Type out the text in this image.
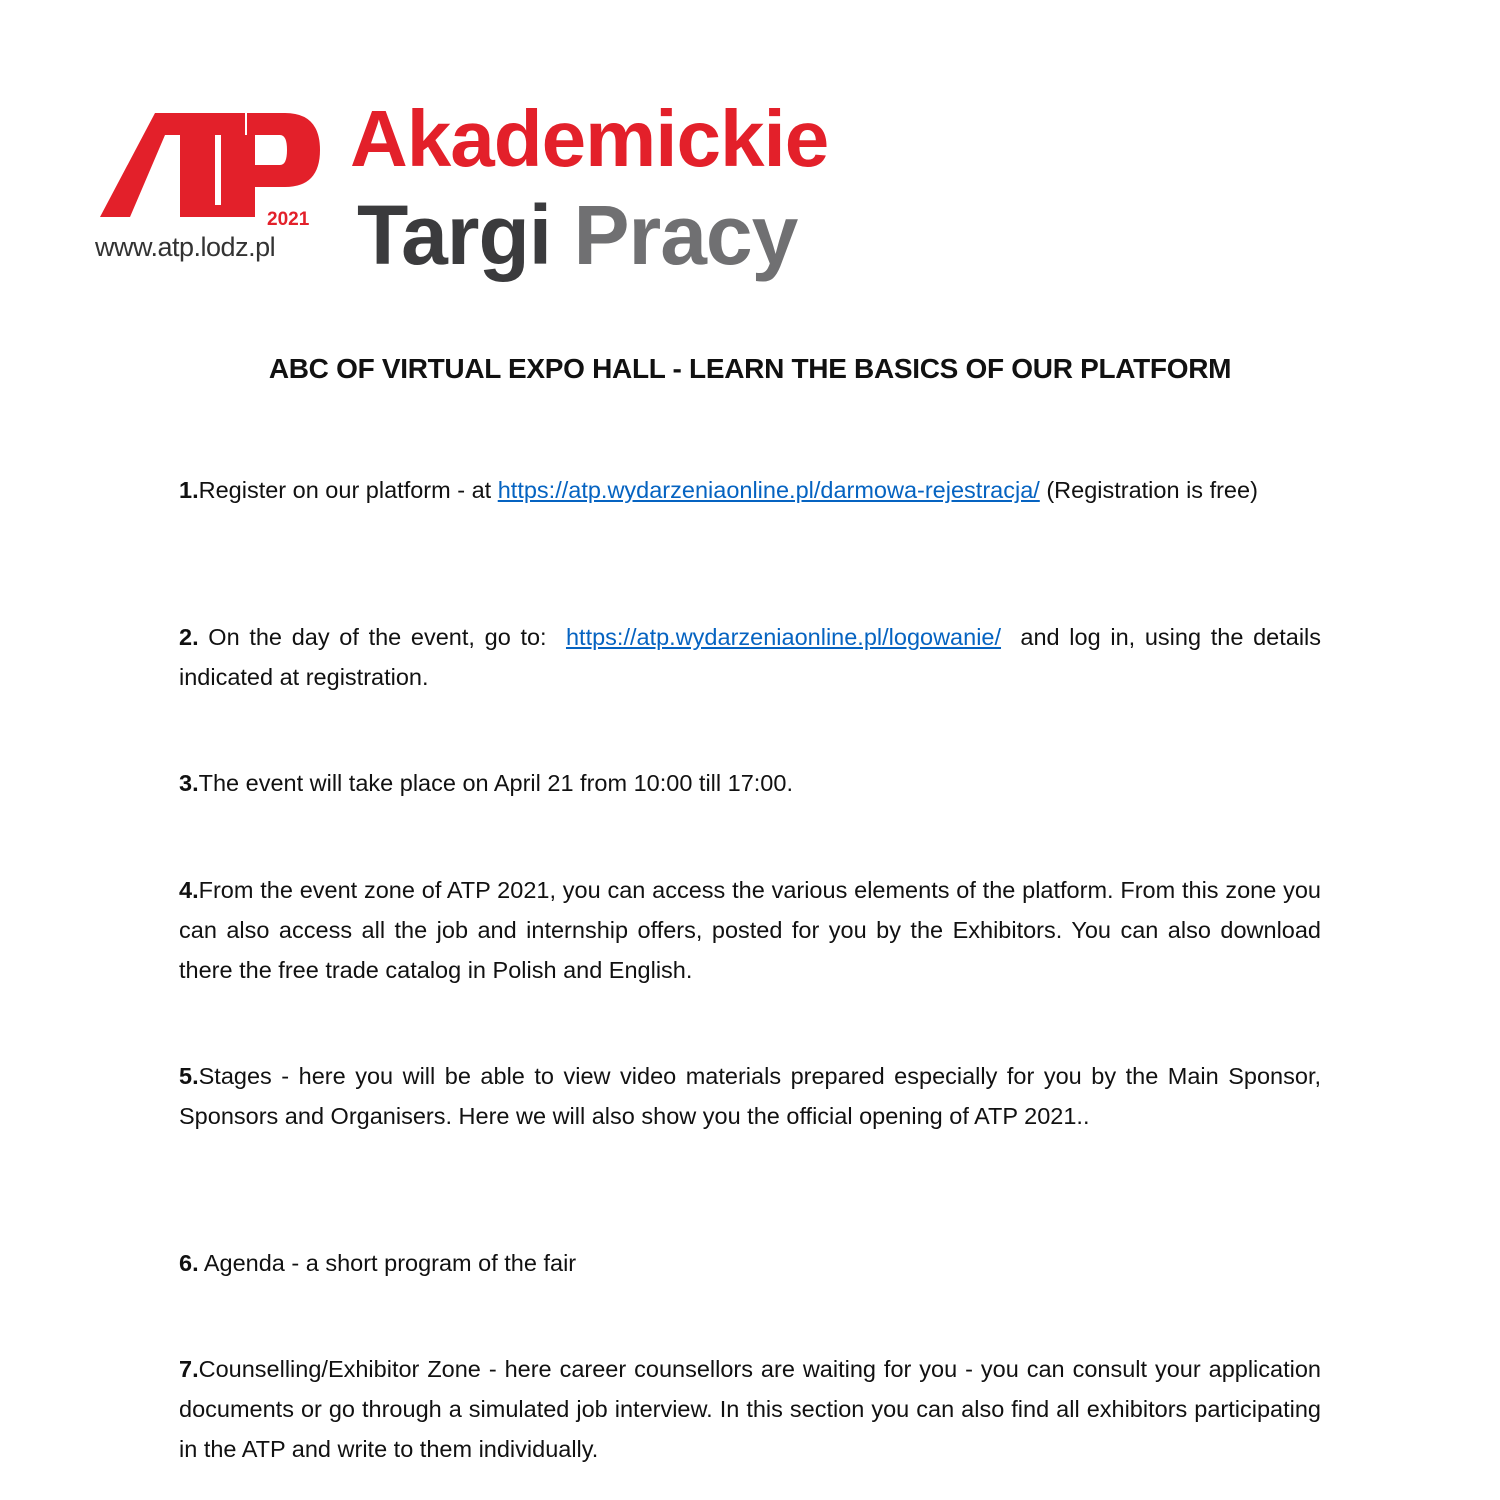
2021
www.atp.lodz.pl
Akademickie
Targi Pracy
ABC OF VIRTUAL EXPO HALL - LEARN THE BASICS OF OUR PLATFORM

1.Register on our platform - at https://atp.wydarzeniaonline.pl/darmowa-rejestracja/ (Registration is free)

2. On the day of the event, go to:  https://atp.wydarzeniaonline.pl/logowanie/  and log in, using the details indicated at registration.

3.The event will take place on April 21 from 10:00 till 17:00.

4.From the event zone of ATP 2021, you can access the various elements of the platform. From this zone you can also access all the job and internship offers, posted for you by the Exhibitors. You can also download there the free trade catalog in Polish and English.

5.Stages - here you will be able to view video materials prepared especially for you by the Main Sponsor, Sponsors and Organisers. Here we will also show you the official opening of ATP 2021..

6. Agenda - a short program of the fair

7.Counselling/Exhibitor Zone - here career counsellors are waiting for you - you can consult your application documents or go through a simulated job interview. In this section you can also find all exhibitors participating in the ATP and write to them individually.
